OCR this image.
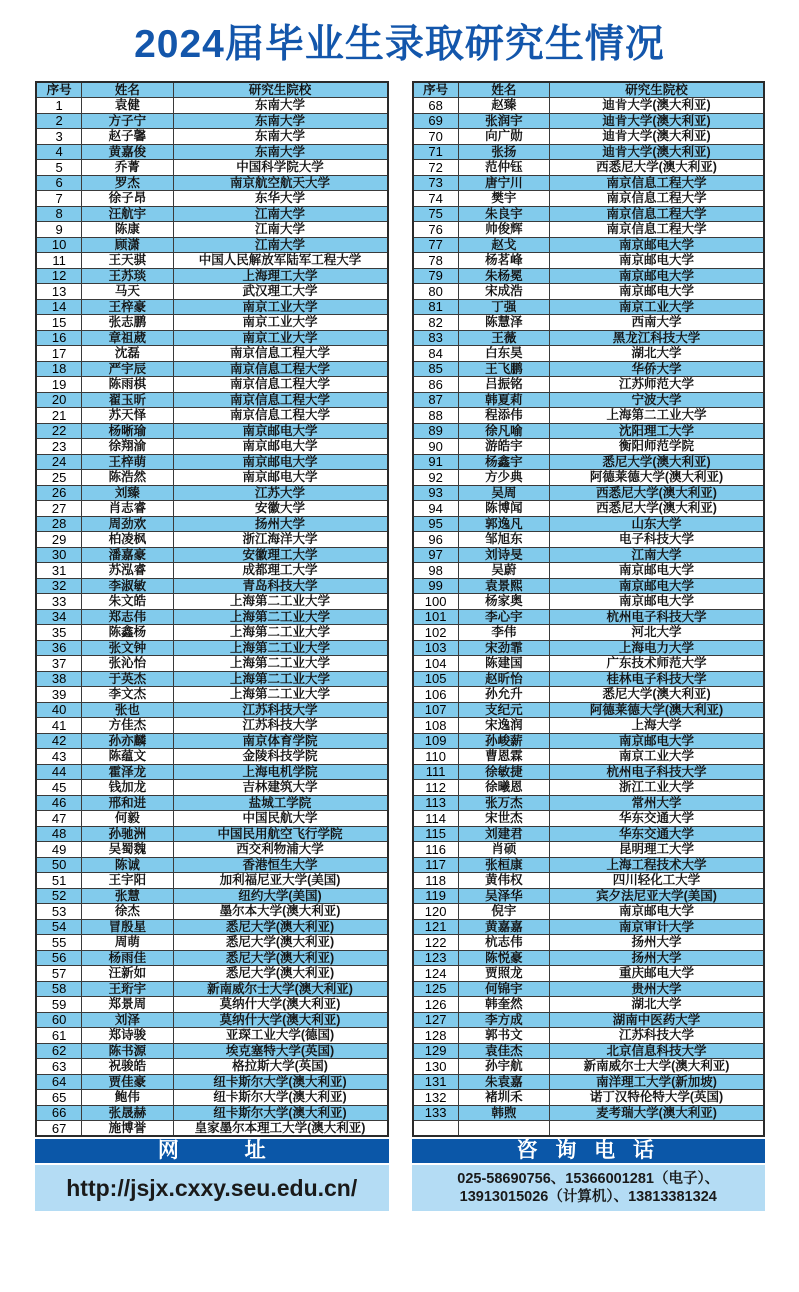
2024届毕业生录取研究生情况
序号	姓名	研究生院校
1	袁健	东南大学
2	方子宁	东南大学
3	赵子馨	东南大学
4	黄嘉俊	东南大学
5	乔菁	中国科学院大学
6	罗杰	南京航空航天大学
7	徐子昂	东华大学
8	汪航宇	江南大学
9	陈康	江南大学
10	顾潇	江南大学
11	王天骐	中国人民解放军陆军工程大学
12	王苏琰	上海理工大学
13	马天	武汉理工大学
14	王梓豪	南京工业大学
15	张志鹏	南京工业大学
16	章祖葳	南京工业大学
17	沈磊	南京信息工程大学
18	严宇辰	南京信息工程大学
19	陈雨棋	南京信息工程大学
20	翟玉昕	南京信息工程大学
21	苏天怿	南京信息工程大学
22	杨晰瑜	南京邮电大学
23	徐翔渝	南京邮电大学
24	王梓萌	南京邮电大学
25	陈浩然	南京邮电大学
26	刘臻	江苏大学
27	肖志睿	安徽大学
28	周劲欢	扬州大学
29	柏凌枫	浙江海洋大学
30	潘嘉豪	安徽理工大学
31	苏泓睿	成都理工大学
32	李淑敏	青岛科技大学
33	朱文皓	上海第二工业大学
34	郑志伟	上海第二工业大学
35	陈鑫杨	上海第二工业大学
36	张文钟	上海第二工业大学
37	张沁怡	上海第二工业大学
38	于英杰	上海第二工业大学
39	李文杰	上海第二工业大学
40	张也	江苏科技大学
41	方佳杰	江苏科技大学
42	孙亦麟	南京体育学院
43	陈蕴文	金陵科技学院
44	霍泽龙	上海电机学院
45	钱加龙	吉林建筑大学
46	邢和进	盐城工学院
47	何毅	中国民航大学
48	孙驰洲	中国民用航空飞行学院
49	吴蜀魏	西交利物浦大学
50	陈诚	香港恒生大学
51	王宇阳	加利福尼亚大学(美国)
52	张慧	纽约大学(美国)
53	徐杰	墨尔本大学(澳大利亚)
54	冒殷星	悉尼大学(澳大利亚)
55	周萌	悉尼大学(澳大利亚)
56	杨雨佳	悉尼大学(澳大利亚)
57	汪新如	悉尼大学(澳大利亚)
58	王珩宇	新南威尔士大学(澳大利亚)
59	郑景周	莫纳什大学(澳大利亚)
60	刘泽	莫纳什大学(澳大利亚)
61	郑诗骏	亚琛工业大学(德国)
62	陈书源	埃克塞特大学(英国)
63	祝骏皓	格拉斯大学(英国)
64	贾佳豪	纽卡斯尔大学(澳大利亚)
65	鲍伟	纽卡斯尔大学(澳大利亚)
66	张晟赫	纽卡斯尔大学(澳大利亚)
67	施博誉	皇家墨尔本理工大学(澳大利亚)
序号	姓名	研究生院校
68	赵臻	迪肯大学(澳大利亚)
69	张润宇	迪肯大学(澳大利亚)
70	向广勋	迪肯大学(澳大利亚)
71	张扬	迪肯大学(澳大利亚)
72	范仲钰	西悉尼大学(澳大利亚)
73	唐宁川	南京信息工程大学
74	樊宇	南京信息工程大学
75	朱良宇	南京信息工程大学
76	帅俊辉	南京信息工程大学
77	赵戈	南京邮电大学
78	杨茗峰	南京邮电大学
79	朱杨冕	南京邮电大学
80	宋成浩	南京邮电大学
81	丁强	南京工业大学
82	陈慧泽	西南大学
83	王薇	黑龙江科技大学
84	白东昊	湖北大学
85	王飞鹏	华侨大学
86	吕振铭	江苏师范大学
87	韩夏莉	宁波大学
88	程添伟	上海第二工业大学
89	徐凡喻	沈阳理工大学
90	游皓宇	衡阳师范学院
91	杨鑫宇	悉尼大学(澳大利亚)
92	方少典	阿德莱德大学(澳大利亚)
93	吴周	西悉尼大学(澳大利亚)
94	陈博闻	西悉尼大学(澳大利亚)
95	郭逸凡	山东大学
96	邹旭东	电子科技大学
97	刘诗旻	江南大学
98	吴蔚	南京邮电大学
99	袁景熙	南京邮电大学
100	杨家奥	南京邮电大学
101	李心宇	杭州电子科技大学
102	李伟	河北大学
103	宋劲霏	上海电力大学
104	陈建国	广东技术师范大学
105	赵昕怡	桂林电子科技大学
106	孙允升	悉尼大学(澳大利亚)
107	支纪元	阿德莱德大学(澳大利亚)
108	宋逸润	上海大学
109	孙峻薪	南京邮电大学
110	曹恩霖	南京工业大学
111	徐敏捷	杭州电子科技大学
112	徐曦恩	浙江工业大学
113	张万杰	常州大学
114	宋世杰	华东交通大学
115	刘建君	华东交通大学
116	肖硕	昆明理工大学
117	张桓康	上海工程技术大学
118	黄伟权	四川轻化工大学
119	吴泽华	宾夕法尼亚大学(美国)
120	倪宇	南京邮电大学
121	黄嘉嘉	南京审计大学
122	杭志伟	扬州大学
123	陈悦豪	扬州大学
124	贾照龙	重庆邮电大学
125	何锦宇	贵州大学
126	韩奎然	湖北大学
127	李方成	湖南中医药大学
128	郭书文	江苏科技大学
129	袁佳杰	北京信息科技大学
130	孙宇航	新南威尔士大学(澳大利亚)
131	朱袁嘉	南洋理工大学(新加坡)
132	褚圳禾	诺丁汉特伦特大学(英国)
133	韩煦	麦考瑞大学(澳大利亚)

网 址
http://jsjx.cxxy.seu.edu.cn/
咨 询 电 话
025-58690756、15366001281（电子）、
13913015026（计算机）、13813381324
